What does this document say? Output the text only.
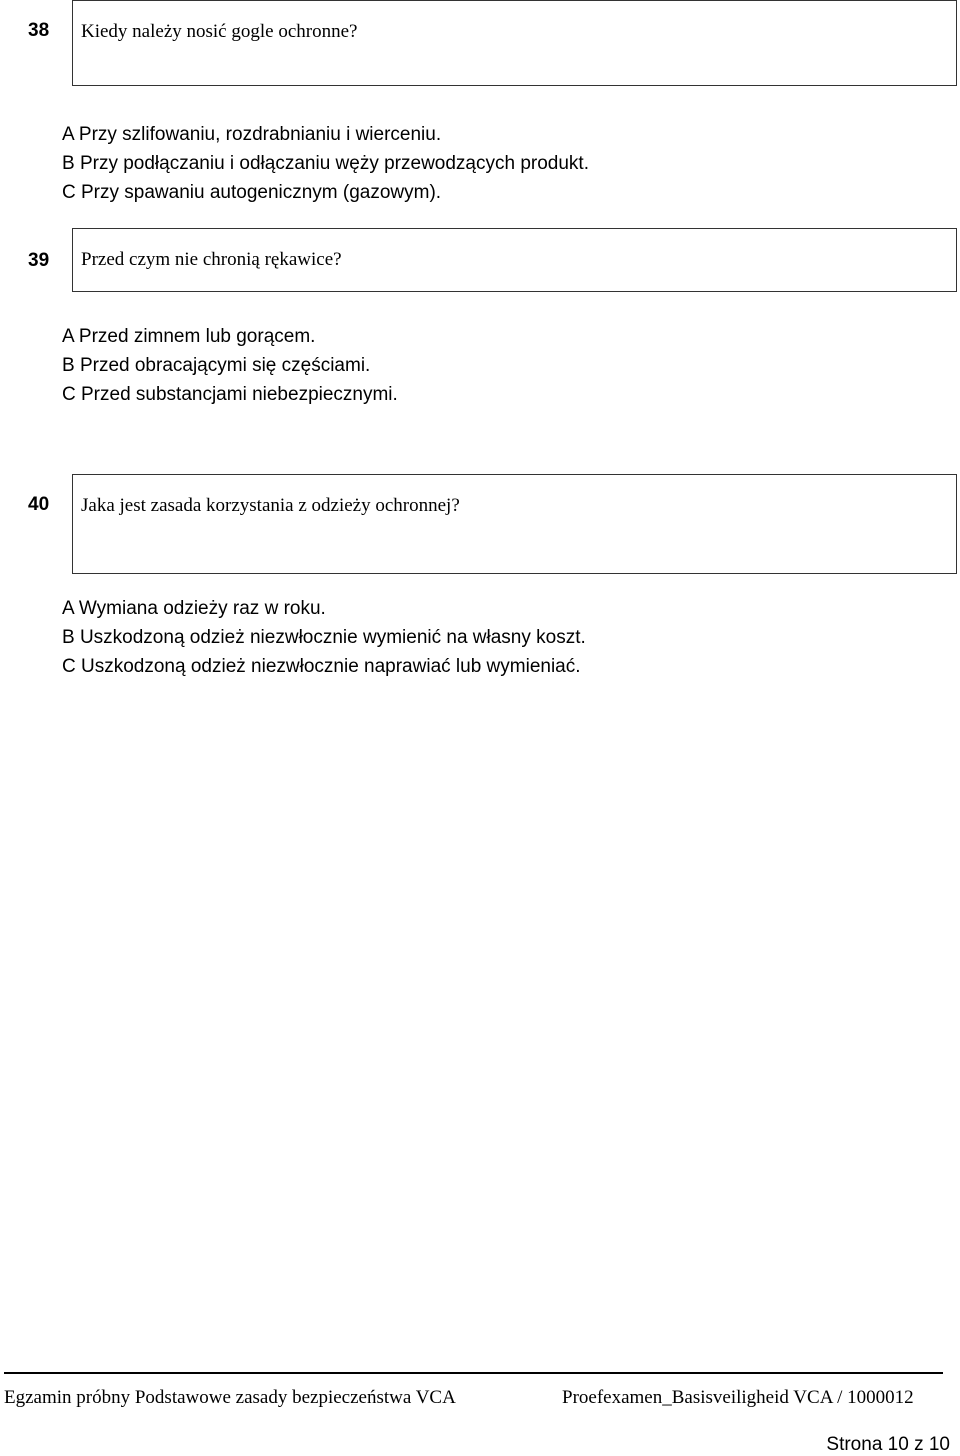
38 Kiedy należy nosić gogle ochronne?
A Przy szlifowaniu, rozdrabnianiu i wierceniu.
B Przy podłączaniu i odłączaniu węży przewodzących produkt.
C Przy spawaniu autogenicznym (gazowym).
39 Przed czym nie chronią rękawice?
A Przed zimnem lub gorącem.
B Przed obracającymi się częściami.
C Przed substancjami niebezpiecznymi.
40 Jaka jest zasada korzystania z odzieży ochronnej?
A Wymiana odzieży raz w roku.
B Uszkodzoną odzież niezwłocznie wymienić na własny koszt.
C Uszkodzoną odzież niezwłocznie naprawiać lub wymieniać.
Egzamin próbny Podstawowe zasady bezpieczeństwa VCA	Proefexamen_Basisveiligheid VCA / 1000012
Strona 10 z 10
